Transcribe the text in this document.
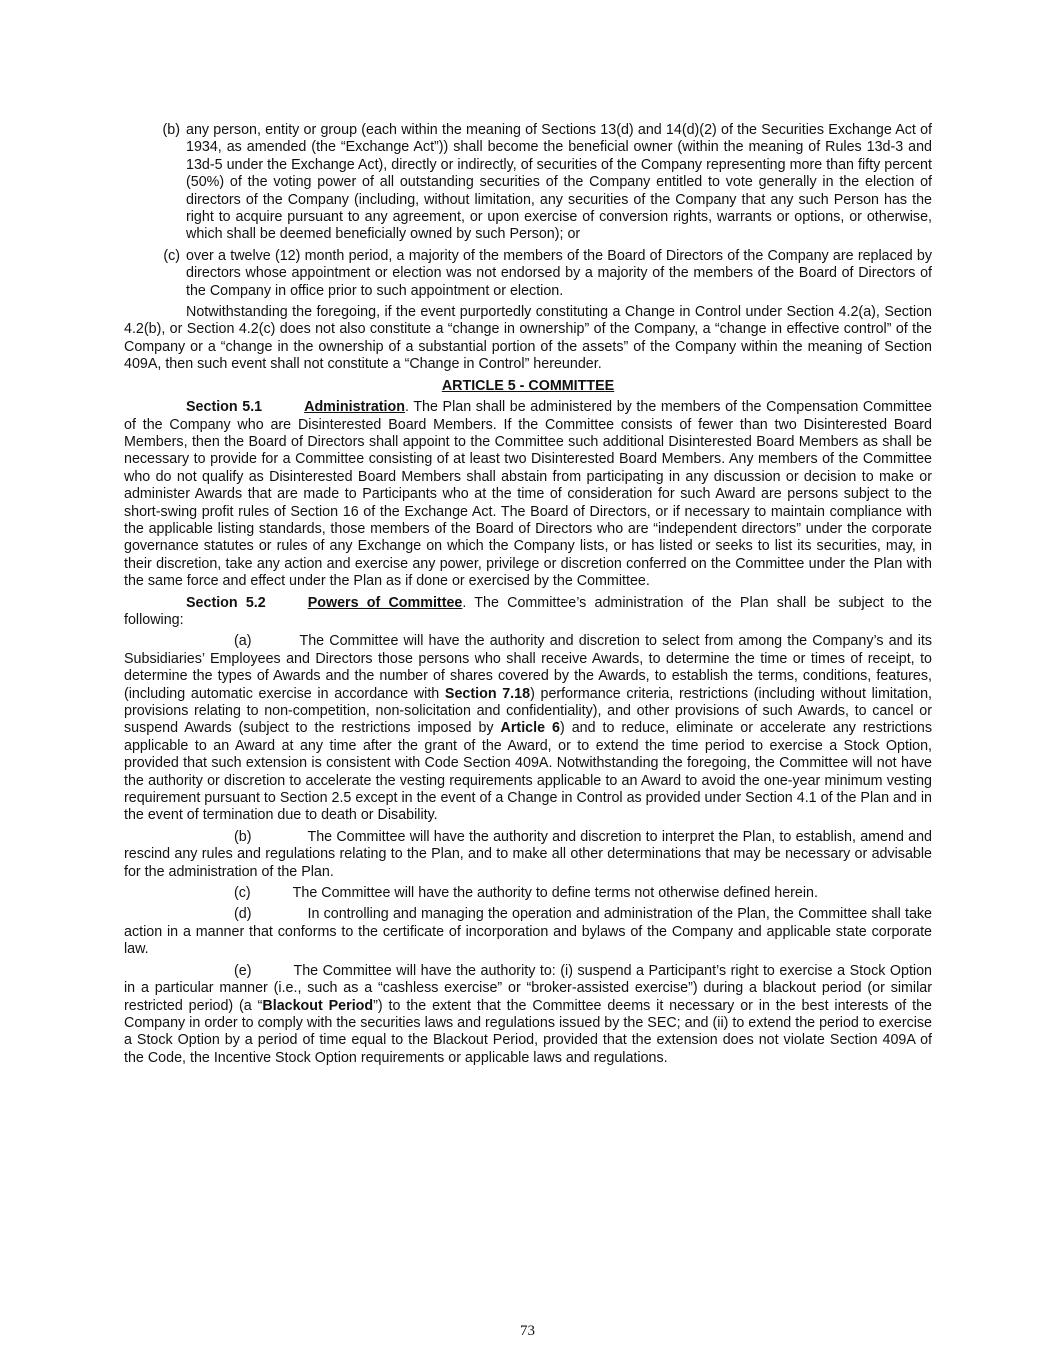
(b) any person, entity or group (each within the meaning of Sections 13(d) and 14(d)(2) of the Securities Exchange Act of 1934, as amended (the “Exchange Act”)) shall become the beneficial owner (within the meaning of Rules 13d-3 and 13d-5 under the Exchange Act), directly or indirectly, of securities of the Company representing more than fifty percent (50%) of the voting power of all outstanding securities of the Company entitled to vote generally in the election of directors of the Company (including, without limitation, any securities of the Company that any such Person has the right to acquire pursuant to any agreement, or upon exercise of conversion rights, warrants or options, or otherwise, which shall be deemed beneficially owned by such Person); or
(c) over a twelve (12) month period, a majority of the members of the Board of Directors of the Company are replaced by directors whose appointment or election was not endorsed by a majority of the members of the Board of Directors of the Company in office prior to such appointment or election.

Notwithstanding the foregoing, if the event purportedly constituting a Change in Control under Section 4.2(a), Section 4.2(b), or Section 4.2(c) does not also constitute a “change in ownership” of the Company, a “change in effective control” of the Company or a “change in the ownership of a substantial portion of the assets” of the Company within the meaning of Section 409A, then such event shall not constitute a “Change in Control” hereunder.

ARTICLE 5 - COMMITTEE

Section 5.1	Administration. The Plan shall be administered by the members of the Compensation Committee of the Company who are Disinterested Board Members. If the Committee consists of fewer than two Disinterested Board Members, then the Board of Directors shall appoint to the Committee such additional Disinterested Board Members as shall be necessary to provide for a Committee consisting of at least two Disinterested Board Members. Any members of the Committee who do not qualify as Disinterested Board Members shall abstain from participating in any discussion or decision to make or administer Awards that are made to Participants who at the time of consideration for such Award are persons subject to the short-swing profit rules of Section 16 of the Exchange Act. The Board of Directors, or if necessary to maintain compliance with the applicable listing standards, those members of the Board of Directors who are “independent directors” under the corporate governance statutes or rules of any Exchange on which the Company lists, or has listed or seeks to list its securities, may, in their discretion, take any action and exercise any power, privilege or discretion conferred on the Committee under the Plan with the same force and effect under the Plan as if done or exercised by the Committee.

Section 5.2	Powers of Committee. The Committee’s administration of the Plan shall be subject to the following:

(a)	The Committee will have the authority and discretion to select from among the Company’s and its Subsidiaries’ Employees and Directors those persons who shall receive Awards, to determine the time or times of receipt, to determine the types of Awards and the number of shares covered by the Awards, to establish the terms, conditions, features, (including automatic exercise in accordance with Section 7.18) performance criteria, restrictions (including without limitation, provisions relating to non-competition, non-solicitation and confidentiality), and other provisions of such Awards, to cancel or suspend Awards (subject to the restrictions imposed by Article 6) and to reduce, eliminate or accelerate any restrictions applicable to an Award at any time after the grant of the Award, or to extend the time period to exercise a Stock Option, provided that such extension is consistent with Code Section 409A. Notwithstanding the foregoing, the Committee will not have the authority or discretion to accelerate the vesting requirements applicable to an Award to avoid the one-year minimum vesting requirement pursuant to Section 2.5 except in the event of a Change in Control as provided under Section 4.1 of the Plan and in the event of termination due to death or Disability.

(b)	The Committee will have the authority and discretion to interpret the Plan, to establish, amend and rescind any rules and regulations relating to the Plan, and to make all other determinations that may be necessary or advisable for the administration of the Plan.

(c)	The Committee will have the authority to define terms not otherwise defined herein.

(d)	In controlling and managing the operation and administration of the Plan, the Committee shall take action in a manner that conforms to the certificate of incorporation and bylaws of the Company and applicable state corporate law.

(e)	The Committee will have the authority to: (i) suspend a Participant’s right to exercise a Stock Option in a particular manner (i.e., such as a “cashless exercise” or “broker-assisted exercise”) during a blackout period (or similar restricted period) (a “Blackout Period”) to the extent that the Committee deems it necessary or in the best interests of the Company in order to comply with the securities laws and regulations issued by the SEC; and (ii) to extend the period to exercise a Stock Option by a period of time equal to the Blackout Period, provided that the extension does not violate Section 409A of the Code, the Incentive Stock Option requirements or applicable laws and regulations.

73
